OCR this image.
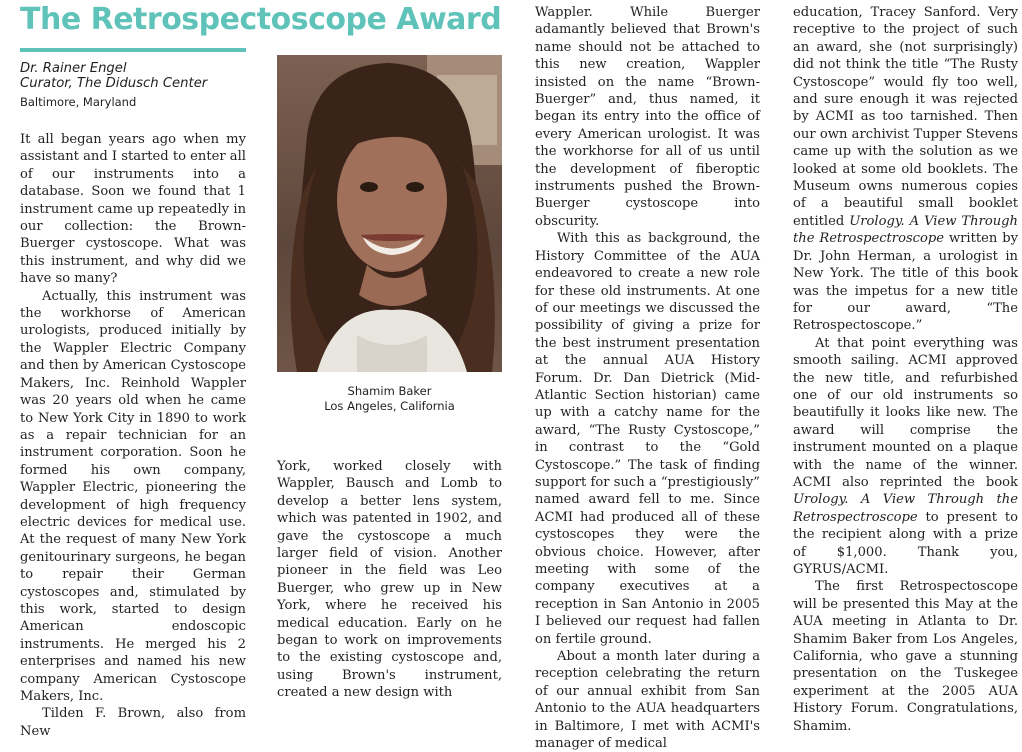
The Retrospectoscope Award
Dr. Rainer Engel
Curator, The Didusch Center
Baltimore, Maryland

It all began years ago when my assistant and I started to enter all of our instruments into a database. Soon we found that 1 instrument came up repeatedly in our collection: the Brown-Buerger cystoscope. What was this instrument, and why did we have so many?

Actually, this instrument was the workhorse of American urologists, produced initially by the Wappler Electric Company and then by American Cystoscope Makers, Inc. Reinhold Wappler was 20 years old when he came to New York City in 1890 to work as a repair technician for an instrument corporation. Soon he formed his own company, Wappler Electric, pioneering the development of high frequency electric devices for medical use. At the request of many New York genitourinary surgeons, he began to repair their German cystoscopes and, stimulated by this work, started to design American endoscopic instruments. He merged his 2 enterprises and named his new company American Cystoscope Makers, Inc.

Tilden F. Brown, also from New

Shamim Baker
Los Angeles, California

York, worked closely with Wappler, Bausch and Lomb to develop a better lens system, which was patented in 1902, and gave the cystoscope a much larger field of vision. Another pioneer in the field was Leo Buerger, who grew up in New York, where he received his medical education. Early on he began to work on improvements to the existing cystoscope and, using Brown's instrument, created a new design with

Wappler. While Buerger adamantly believed that Brown's name should not be attached to this new creation, Wappler insisted on the name “Brown-Buerger” and, thus named, it began its entry into the office of every American urologist. It was the workhorse for all of us until the development of fiberoptic instruments pushed the Brown-Buerger cystoscope into obscurity.

With this as background, the History Committee of the AUA endeavored to create a new role for these old instruments. At one of our meetings we discussed the possibility of giving a prize for the best instrument presentation at the annual AUA History Forum. Dr. Dan Dietrick (Mid-Atlantic Section historian) came up with a catchy name for the award, “The Rusty Cystoscope,” in contrast to the “Gold Cystoscope.” The task of finding support for such a “prestigiously” named award fell to me. Since ACMI had produced all of these cystoscopes they were the obvious choice. However, after meeting with some of the company executives at a reception in San Antonio in 2005 I believed our request had fallen on fertile ground.

About a month later during a reception celebrating the return of our annual exhibit from San Antonio to the AUA headquarters in Baltimore, I met with ACMI's manager of medical

education, Tracey Sanford. Very receptive to the project of such an award, she (not surprisingly) did not think the title “The Rusty Cystoscope” would fly too well, and sure enough it was rejected by ACMI as too tarnished. Then our own archivist Tupper Stevens came up with the solution as we looked at some old booklets. The Museum owns numerous copies of a beautiful small booklet entitled Urology. A View Through the Retrospectroscope written by Dr. John Herman, a urologist in New York. The title of this book was the impetus for a new title for our award, “The Retrospectoscope.”

At that point everything was smooth sailing. ACMI approved the new title, and refurbished one of our old instruments so beautifully it looks like new. The award will comprise the instrument mounted on a plaque with the name of the winner. ACMI also reprinted the book Urology. A View Through the Retrospectroscope to present to the recipient along with a prize of $1,000. Thank you, GYRUS/ACMI.

The first Retrospectoscope will be presented this May at the AUA meeting in Atlanta to Dr. Shamim Baker from Los Angeles, California, who gave a stunning presentation on the Tuskegee experiment at the 2005 AUA History Forum. Congratulations, Shamim.
